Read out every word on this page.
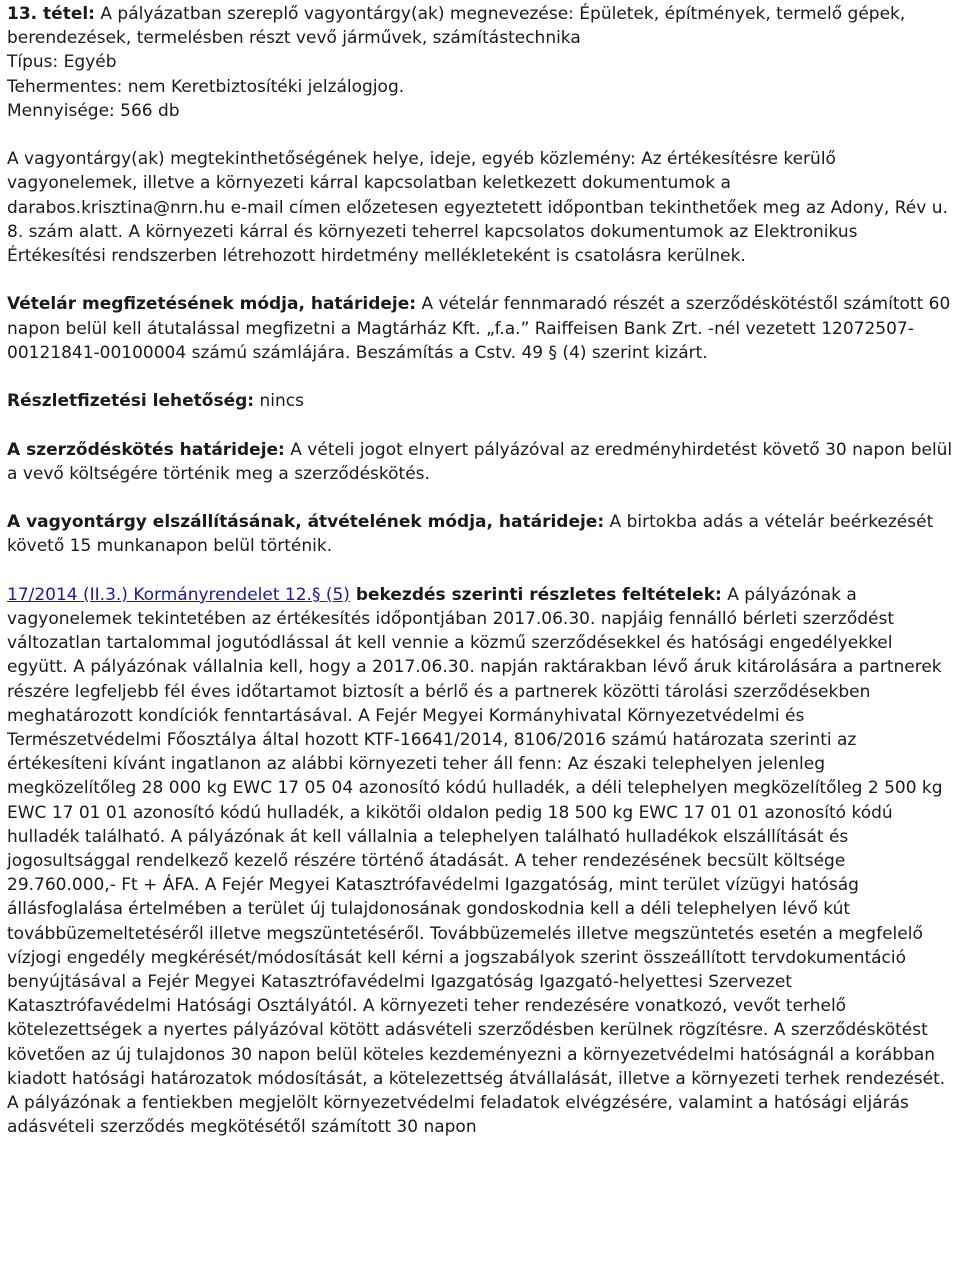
13. tétel: A pályázatban szereplő vagyontárgy(ak) megnevezése: Épületek, építmények, termelő gépek, berendezések, termelésben részt vevő járművek, számítástechnika

Típus: Egyéb

Tehermentes: nem Keretbiztosítéki jelzálogjog.

Mennyisége: 566 db

A vagyontárgy(ak) megtekinthetőségének helye, ideje, egyéb közlemény: Az értékesítésre kerülő vagyonelemek, illetve a környezeti kárral kapcsolatban keletkezett dokumentumok a darabos.krisztina@nrn.hu e-mail címen előzetesen egyeztetett időpontban tekinthetőek meg az Adony, Rév u. 8. szám alatt. A környezeti kárral és környezeti teherrel kapcsolatos dokumentumok az Elektronikus Értékesítési rendszerben létrehozott hirdetmény mellékleteként is csatolásra kerülnek.

Vételár megfizetésének módja, határideje: A vételár fennmaradó részét a szerződéskötéstől számított 60 napon belül kell átutalással megfizetni a Magtárház Kft. „f.a.” Raiffeisen Bank Zrt. -nél vezetett 12072507-00121841-00100004 számú számlájára. Beszámítás a Cstv. 49 § (4) szerint kizárt.

Részletfizetési lehetőség: nincs

A szerződéskötés határideje: A vételi jogot elnyert pályázóval az eredményhirdetést követő 30 napon belül a vevő költségére történik meg a szerződéskötés.

A vagyontárgy elszállításának, átvételének módja, határideje: A birtokba adás a vételár beérkezését követő 15 munkanapon belül történik.

17/2014 (II.3.) Kormányrendelet 12.§ (5) bekezdés szerinti részletes feltételek: A pályázónak a vagyonelemek tekintetében az értékesítés időpontjában 2017.06.30. napjáig fennálló bérleti szerződést változatlan tartalommal jogutódlással át kell vennie a közmű szerződésekkel és hatósági engedélyekkel együtt. A pályázónak vállalnia kell, hogy a 2017.06.30. napján raktárakban lévő áruk kitárolására a partnerek részére legfeljebb fél éves időtartamot biztosít a bérlő és a partnerek közötti tárolási szerződésekben meghatározott kondíciók fenntartásával. A Fejér Megyei Kormányhivatal Környezetvédelmi és Természetvédelmi Főosztálya által hozott KTF-16641/2014, 8106/2016 számú határozata szerinti az értékesíteni kívánt ingatlanon az alábbi környezeti teher áll fenn: Az északi telephelyen jelenleg megközelítőleg 28 000 kg EWC 17 05 04 azonosító kódú hulladék, a déli telephelyen megközelítőleg 2 500 kg EWC 17 01 01 azonosító kódú hulladék, a kikötői oldalon pedig 18 500 kg EWC 17 01 01 azonosító kódú hulladék található. A pályázónak át kell vállalnia a telephelyen található hulladékok elszállítását és jogosultsággal rendelkező kezelő részére történő átadását. A teher rendezésének becsült költsége 29.760.000,- Ft + ÁFA. A Fejér Megyei Katasztrófavédelmi Igazgatóság, mint terület vízügyi hatóság állásfoglalása értelmében a terület új tulajdonosának gondoskodnia kell a déli telephelyen lévő kút továbbüzemeltetéséről illetve megszüntetéséről. Továbbüzemelés illetve megszüntetés esetén a megfelelő vízjogi engedély megkérését/módosítását kell kérni a jogszabályok szerint összeállított tervdokumentáció benyújtásával a Fejér Megyei Katasztrófavédelmi Igazgatóság Igazgató-helyettesi Szervezet Katasztrófavédelmi Hatósági Osztályától. A környezeti teher rendezésére vonatkozó, vevőt terhelő kötelezettségek a nyertes pályázóval kötött adásvételi szerződésben kerülnek rögzítésre. A szerződéskötést követően az új tulajdonos 30 napon belül köteles kezdeményezni a környezetvédelmi hatóságnál a korábban kiadott hatósági határozatok módosítását, a kötelezettség átvállalását, illetve a környezeti terhek rendezését. A pályázónak a fentiekben megjelölt környezetvédelmi feladatok elvégzésére, valamint a hatósági eljárás adásvételi szerződés megkötésétől számított 30 napon
